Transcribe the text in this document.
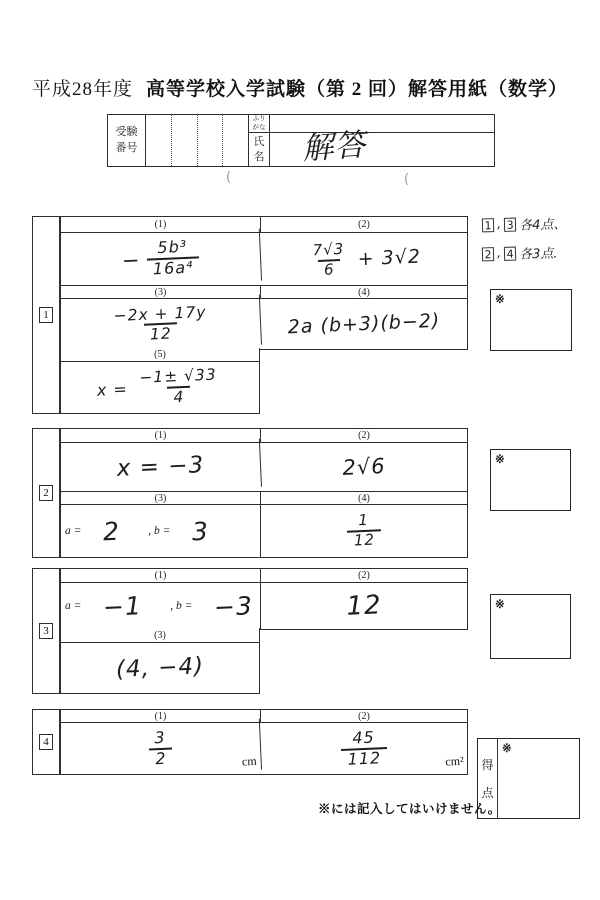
平成28年度 高等学校入学試験（第 2 回）解答用紙（数学）
受験
番号
ふり
がな
氏
名 解答
(	(
1 , 3 各4点、
2 , 4 各3点.
※
※
※
1
(1)	(2)
− $\frac{\text{5b³}}{\text{16a⁴}}$	$\frac{7√3}{6} + 3√2$
(3)	(4)
$\frac{-2x + 17y}{12}$	2a (b+3)(b−2)
(5)
$x = \frac{-1\pm √33}{4}$
2
(1)	(2)
x = −3	2√6
(3)	(4)
a = 2 , b = 3	$\frac{1}{12}$
3
(1)	(2)
a = −1 , b = −3	12
(3)
(4, −4)
4
(1)	(2)
$\frac{3}{2}$	cm	$\frac{45}{112}$	cm² 得
点
※
※には記入してはいけません。
